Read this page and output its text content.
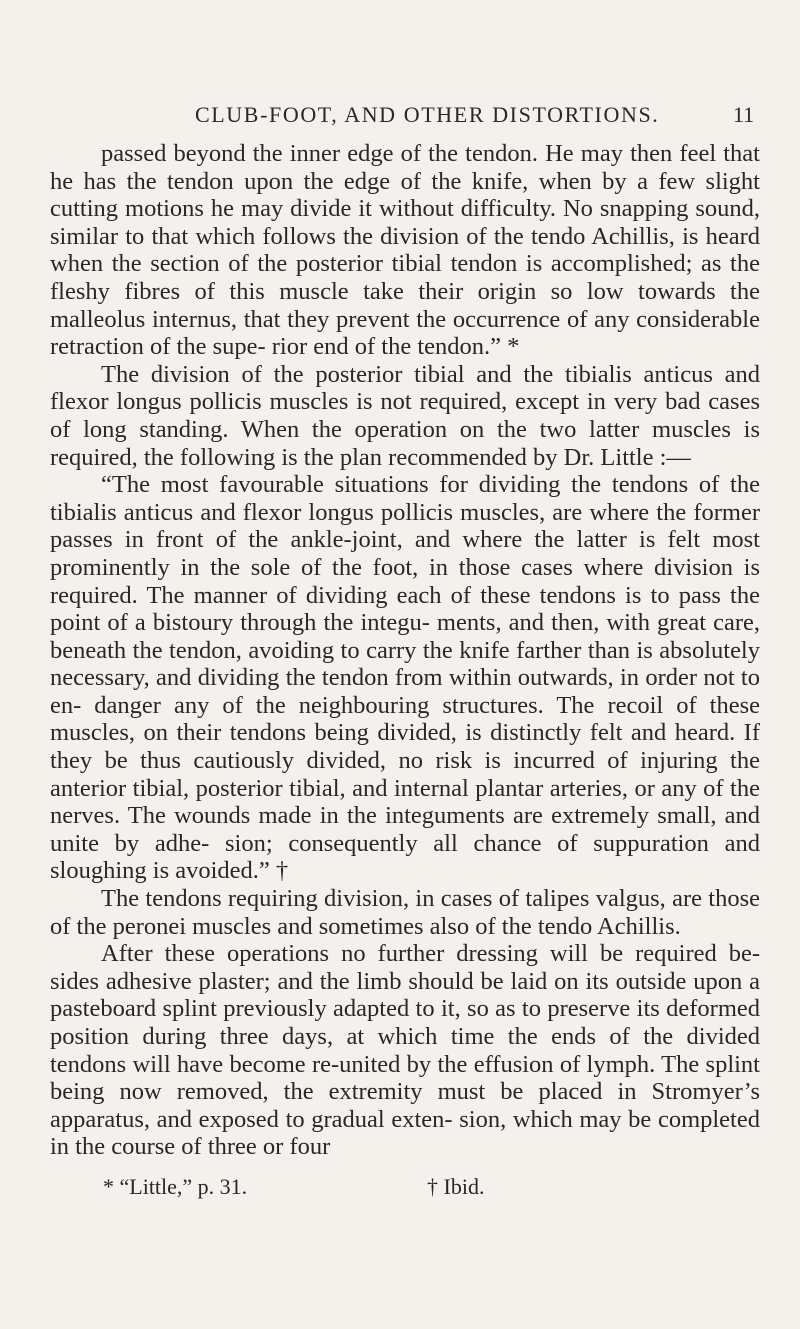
CLUB-FOOT, AND OTHER DISTORTIONS.	11

passed beyond the inner edge of the tendon. He may then feel that he has the tendon upon the edge of the knife, when by a few slight cutting motions he may divide it without difficulty. No snapping sound, similar to that which follows the division of the tendo Achillis, is heard when the section of the posterior tibial tendon is accomplished; as the fleshy fibres of this muscle take their origin so low towards the malleolus internus, that they prevent the occurrence of any considerable retraction of the supe- rior end of the tendon.” *

The division of the posterior tibial and the tibialis anticus and flexor longus pollicis muscles is not required, except in very bad cases of long standing. When the operation on the two latter muscles is required, the following is the plan recommended by Dr. Little :—

“The most favourable situations for dividing the tendons of the tibialis anticus and flexor longus pollicis muscles, are where the former passes in front of the ankle-joint, and where the latter is felt most prominently in the sole of the foot, in those cases where division is required. The manner of dividing each of these tendons is to pass the point of a bistoury through the integu- ments, and then, with great care, beneath the tendon, avoiding to carry the knife farther than is absolutely necessary, and dividing the tendon from within outwards, in order not to en- danger any of the neighbouring structures. The recoil of these muscles, on their tendons being divided, is distinctly felt and heard. If they be thus cautiously divided, no risk is incurred of injuring the anterior tibial, posterior tibial, and internal plantar arteries, or any of the nerves. The wounds made in the integuments are extremely small, and unite by adhe- sion; consequently all chance of suppuration and sloughing is avoided.” †

The tendons requiring division, in cases of talipes valgus, are those of the peronei muscles and sometimes also of the tendo Achillis.

After these operations no further dressing will be required be- sides adhesive plaster; and the limb should be laid on its outside upon a pasteboard splint previously adapted to it, so as to preserve its deformed position during three days, at which time the ends of the divided tendons will have become re-united by the effusion of lymph. The splint being now removed, the extremity must be placed in Stromyer’s apparatus, and exposed to gradual exten- sion, which may be completed in the course of three or four

* “Little,” p. 31.	† Ibid.
